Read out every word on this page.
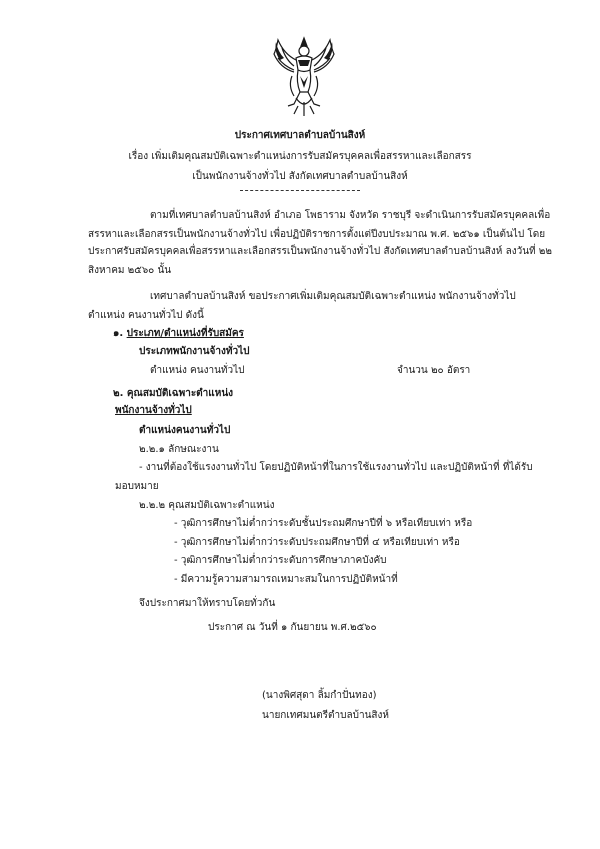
ประกาศเทศบาลตำบลบ้านสิงห์
เรื่อง เพิ่มเติมคุณสมบัติเฉพาะตำแหน่งการรับสมัครบุคคลเพื่อสรรหาและเลือกสรร
เป็นพนักงานจ้างทั่วไป สังกัดเทศบาลตำบลบ้านสิงห์
ตามที่เทศบาลตำบลบ้านสิงห์ อำเภอ โพธาราม จังหวัด ราชบุรี จะดำเนินการรับสมัครบุคคลเพื่อ
สรรหาและเลือกสรรเป็นพนักงานจ้างทั่วไป เพื่อปฏิบัติราชการตั้งแต่ปีงบประมาณ พ.ศ. ๒๕๖๑ เป็นต้นไป โดย
ประกาศรับสมัครบุคคลเพื่อสรรหาและเลือกสรรเป็นพนักงานจ้างทั่วไป สังกัดเทศบาลตำบลบ้านสิงห์ ลงวันที่ ๒๒
สิงหาคม ๒๕๖๐ นั้น
เทศบาลตำบลบ้านสิงห์ ขอประกาศเพิ่มเติมคุณสมบัติเฉพาะตำแหน่ง พนักงานจ้างทั่วไป
ตำแหน่ง คนงานทั่วไป ดังนี้
๑. ประเภท/ตำแหน่งที่รับสมัคร
ประเภทพนักงานจ้างทั่วไป
ตำแหน่ง คนงานทั่วไป	จำนวน ๒๐ อัตรา
๒. คุณสมบัติเฉพาะตำแหน่ง
พนักงานจ้างทั่วไป
ตำแหน่งคนงานทั่วไป
๒.๒.๑ ลักษณะงาน
- งานที่ต้องใช้แรงงานทั่วไป โดยปฏิบัติหน้าที่ในการใช้แรงงานทั่วไป และปฏิบัติหน้าที่ ที่ได้รับ
มอบหมาย
๒.๒.๒ คุณสมบัติเฉพาะตำแหน่ง
- วุฒิการศึกษาไม่ต่ำกว่าระดับชั้นประถมศึกษาปีที่ ๖ หรือเทียบเท่า หรือ
- วุฒิการศึกษาไม่ต่ำกว่าระดับประถมศึกษาปีที่ ๔ หรือเทียบเท่า หรือ
- วุฒิการศึกษาไม่ต่ำกว่าระดับการศึกษาภาคบังคับ
- มีความรู้ความสามารถเหมาะสมในการปฏิบัติหน้าที่
จึงประกาศมาให้ทราบโดยทั่วกัน
ประกาศ ณ วันที่ ๑ กันยายน พ.ศ.๒๕๖๐
(นางพิศสุดา ลิ้มกำปั่นทอง)
นายกเทศมนตรีตำบลบ้านสิงห์
